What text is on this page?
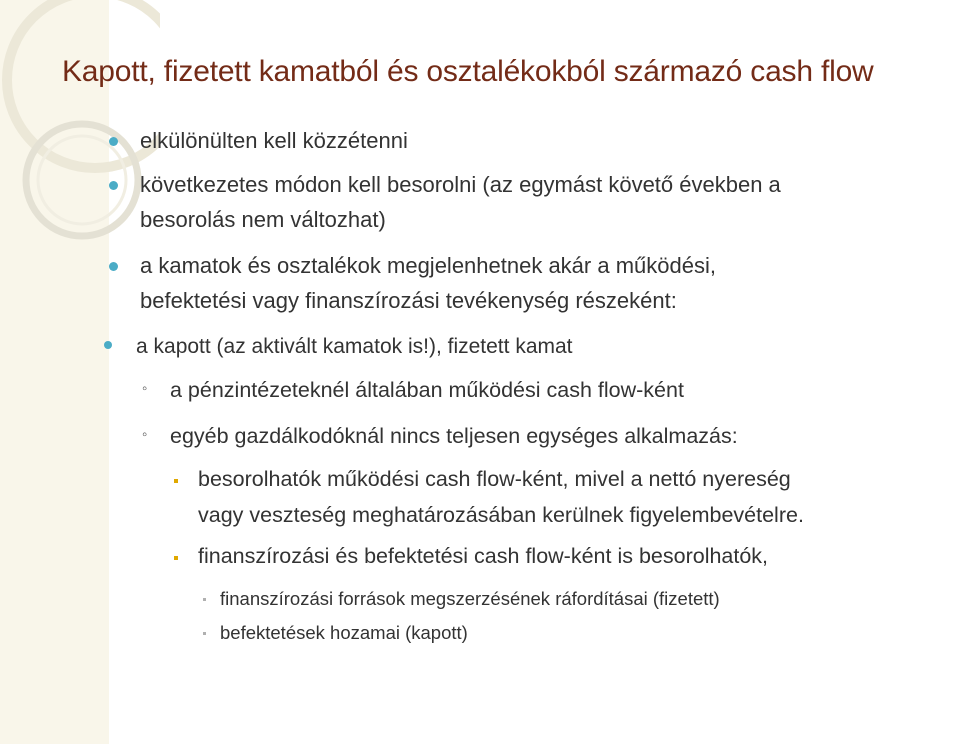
Kapott, fizetett kamatból és osztalékokból származó cash flow
elkülönülten kell közzétenni
következetes módon kell besorolni (az egymást követő években a
besorolás nem változhat)
a kamatok és osztalékok megjelenhetnek akár a működési,
befektetési vagy finanszírozási tevékenység részeként:
a kapott (az aktivált kamatok is!), fizetett kamat
◦ a pénzintézeteknél általában működési cash flow-ként
◦ egyéb gazdálkodóknál nincs teljesen egységes alkalmazás:
besorolhatók működési cash flow-ként, mivel a nettó nyereség
vagy veszteség meghatározásában kerülnek figyelembevételre.
finanszírozási és befektetési cash flow-ként is besorolhatók,
finanszírozási források megszerzésének ráfordításai (fizetett)
befektetések hozamai (kapott)
